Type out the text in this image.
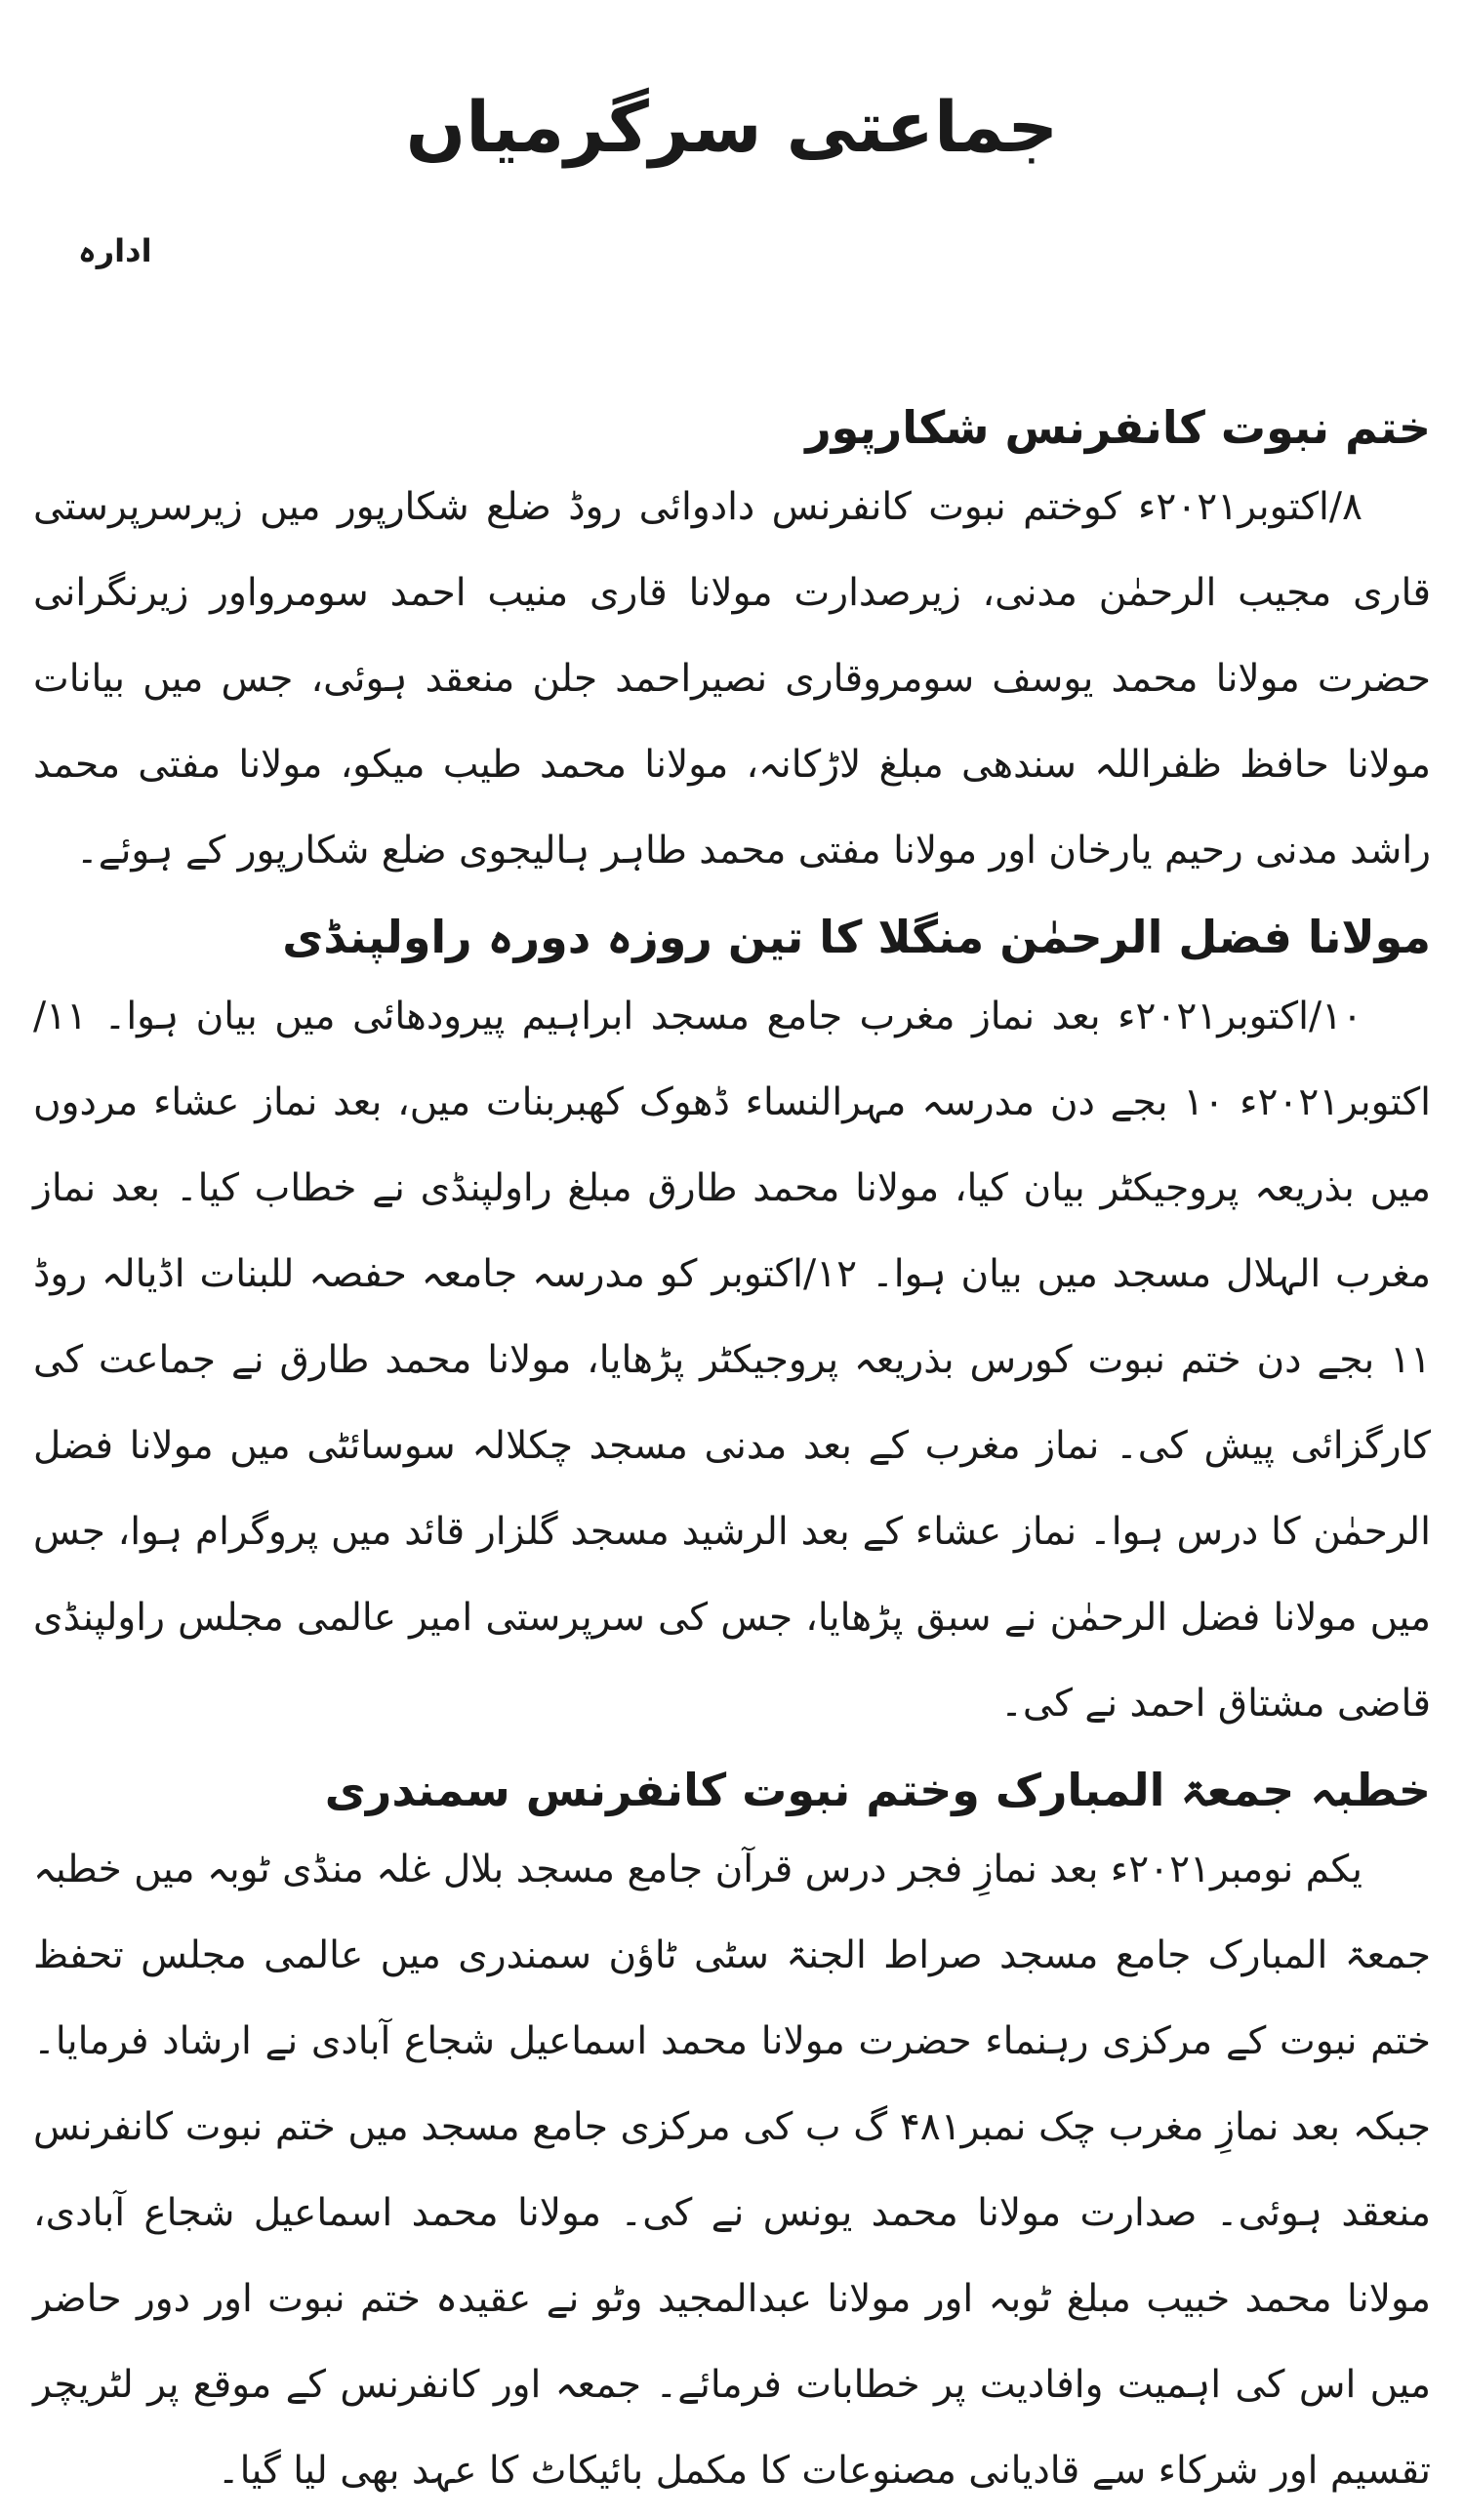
جماعتی سرگرمیاں
ادارہ
ختم نبوت کانفرنس شکارپور

۸/اکتوبر۲۰۲۱ء کوختم نبوت کانفرنس دادوائی روڈ ضلع شکارپور میں زیرسرپرستی قاری مجیب الرحمٰن مدنی، زیرصدارت مولانا قاری منیب احمد سومرواور زیرنگرانی حضرت مولانا محمد یوسف سومروقاری نصیراحمد جلن منعقد ہوئی، جس میں بیانات مولانا حافظ ظفراللہ سندھی مبلغ لاڑکانہ، مولانا محمد طیب میکو، مولانا مفتی محمد راشد مدنی رحیم یارخان اور مولانا مفتی محمد طاہر ہالیجوی ضلع شکارپور کے ہوئے۔

مولانا فضل الرحمٰن منگلا کا تین روزہ دورہ راولپنڈی

۱۰/اکتوبر۲۰۲۱ء بعد نماز مغرب جامع مسجد ابراہیم پیرودھائی میں بیان ہوا۔ ۱۱/اکتوبر۲۰۲۱ء ۱۰ بجے دن مدرسہ مہرالنساء ڈھوک کھبربنات میں، بعد نماز عشاء مردوں میں بذریعہ پروجیکٹر بیان کیا، مولانا محمد طارق مبلغ راولپنڈی نے خطاب کیا۔ بعد نماز مغرب الہلال مسجد میں بیان ہوا۔ ۱۲/اکتوبر کو مدرسہ جامعہ حفصہ للبنات اڈیالہ روڈ ۱۱ بجے دن ختم نبوت کورس بذریعہ پروجیکٹر پڑھایا، مولانا محمد طارق نے جماعت کی کارگزائی پیش کی۔ نماز مغرب کے بعد مدنی مسجد چکلالہ سوسائٹی میں مولانا فضل الرحمٰن کا درس ہوا۔ نماز عشاء کے بعد الرشید مسجد گلزار قائد میں پروگرام ہوا، جس میں مولانا فضل الرحمٰن نے سبق پڑھایا، جس کی سرپرستی امیر عالمی مجلس راولپنڈی قاضی مشتاق احمد نے کی۔

خطبہ جمعۃ المبارک وختم نبوت کانفرنس سمندری

یکم نومبر۲۰۲۱ء بعد نمازِ فجر درس قرآن جامع مسجد بلال غلہ منڈی ٹوبہ میں خطبہ جمعۃ المبارک جامع مسجد صراط الجنۃ سٹی ٹاؤن سمندری میں عالمی مجلس تحفظ ختم نبوت کے مرکزی رہنماء حضرت مولانا محمد اسماعیل شجاع آبادی نے ارشاد فرمایا۔ جبکہ بعد نمازِ مغرب چک نمبر۴۸۱ گ ب کی مرکزی جامع مسجد میں ختم نبوت کانفرنس منعقد ہوئی۔ صدارت مولانا محمد یونس نے کی۔ مولانا محمد اسماعیل شجاع آبادی، مولانا محمد خبیب مبلغ ٹوبہ اور مولانا عبدالمجید وٹو نے عقیدہ ختم نبوت اور دور حاضر میں اس کی اہمیت وافادیت پر خطابات فرمائے۔ جمعہ اور کانفرنس کے موقع پر لٹریچر تقسیم اور شرکاء سے قادیانی مصنوعات کا مکمل بائیکاٹ کا عہد بھی لیا گیا۔
